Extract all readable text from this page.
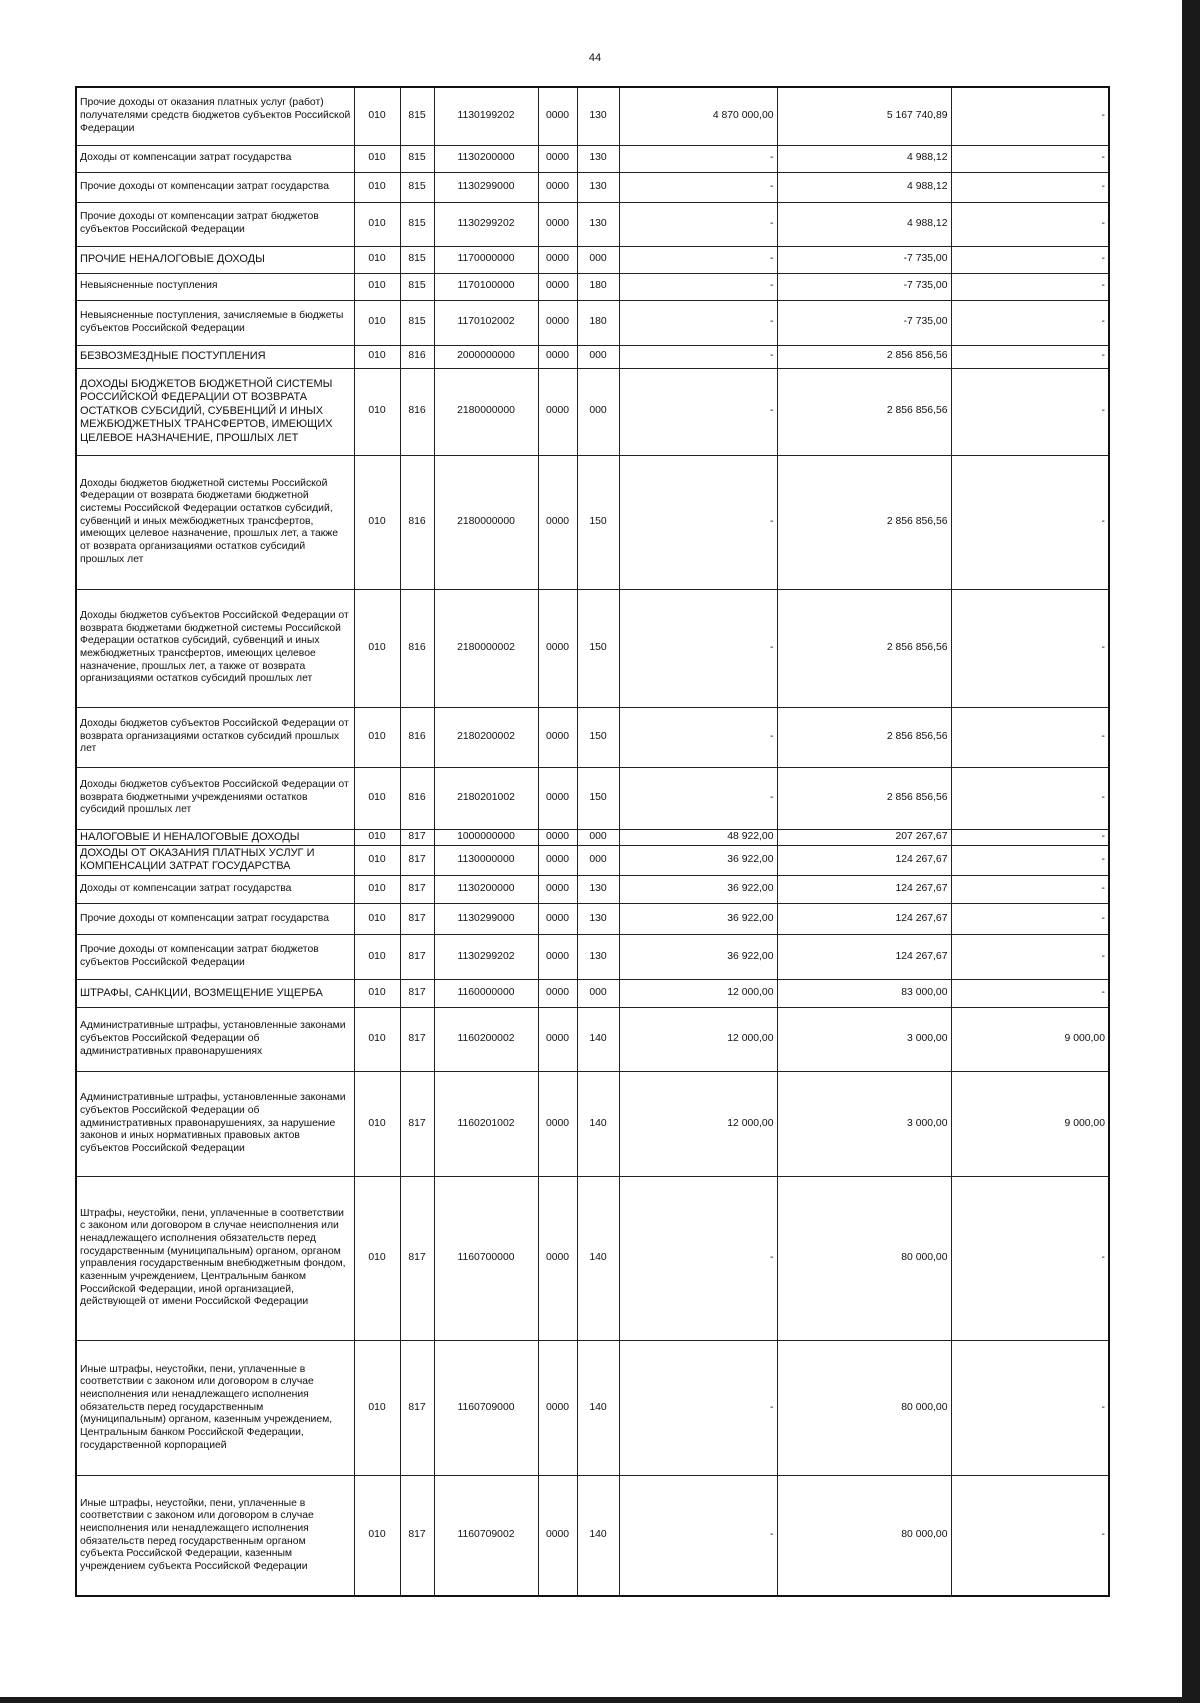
44
Прочие доходы от оказания платных услуг (работ) получателями средств бюджетов субъектов Российской Федерации	010	815	1130199202	0000	130	4 870 000,00	5 167 740,89	-
Доходы от компенсации затрат государства	010	815	1130200000	0000	130	-	4 988,12	-
Прочие доходы от компенсации затрат государства	010	815	1130299000	0000	130	-	4 988,12	-
Прочие доходы от компенсации затрат бюджетов субъектов Российской Федерации	010	815	1130299202	0000	130	-	4 988,12	-
ПРОЧИЕ НЕНАЛОГОВЫЕ ДОХОДЫ	010	815	1170000000	0000	000	-	-7 735,00	-
Невыясненные поступления	010	815	1170100000	0000	180	-	-7 735,00	-
Невыясненные поступления, зачисляемые в бюджеты субъектов Российской Федерации	010	815	1170102002	0000	180	-	-7 735,00	-
БЕЗВОЗМЕЗДНЫЕ ПОСТУПЛЕНИЯ	010	816	2000000000	0000	000	-	2 856 856,56	-
ДОХОДЫ БЮДЖЕТОВ БЮДЖЕТНОЙ СИСТЕМЫ РОССИЙСКОЙ ФЕДЕРАЦИИ ОТ ВОЗВРАТА ОСТАТКОВ СУБСИДИЙ, СУБВЕНЦИЙ И ИНЫХ МЕЖБЮДЖЕТНЫХ ТРАНСФЕРТОВ, ИМЕЮЩИХ ЦЕЛЕВОЕ НАЗНАЧЕНИЕ, ПРОШЛЫХ ЛЕТ	010	816	2180000000	0000	000	-	2 856 856,56	-
Доходы бюджетов бюджетной системы Российской Федерации от возврата бюджетами бюджетной системы Российской Федерации остатков субсидий, субвенций и иных межбюджетных трансфертов, имеющих целевое назначение, прошлых лет, а также от возврата организациями остатков субсидий прошлых лет	010	816	2180000000	0000	150	-	2 856 856,56	-
Доходы бюджетов субъектов Российской Федерации от возврата бюджетами бюджетной системы Российской Федерации остатков субсидий, субвенций и иных межбюджетных трансфертов, имеющих целевое назначение, прошлых лет, а также от возврата организациями остатков субсидий прошлых лет	010	816	2180000002	0000	150	-	2 856 856,56	-
Доходы бюджетов субъектов Российской Федерации от возврата организациями остатков субсидий прошлых лет	010	816	2180200002	0000	150	-	2 856 856,56	-
Доходы бюджетов субъектов Российской Федерации от возврата бюджетными учреждениями остатков субсидий прошлых лет	010	816	2180201002	0000	150	-	2 856 856,56	-
НАЛОГОВЫЕ И НЕНАЛОГОВЫЕ ДОХОДЫ	010	817	1000000000	0000	000	48 922,00	207 267,67	-
ДОХОДЫ ОТ ОКАЗАНИЯ ПЛАТНЫХ УСЛУГ И КОМПЕНСАЦИИ ЗАТРАТ ГОСУДАРСТВА	010	817	1130000000	0000	000	36 922,00	124 267,67	-
Доходы от компенсации затрат государства	010	817	1130200000	0000	130	36 922,00	124 267,67	-
Прочие доходы от компенсации затрат государства	010	817	1130299000	0000	130	36 922,00	124 267,67	-
Прочие доходы от компенсации затрат бюджетов субъектов Российской Федерации	010	817	1130299202	0000	130	36 922,00	124 267,67	-
ШТРАФЫ, САНКЦИИ, ВОЗМЕЩЕНИЕ УЩЕРБА	010	817	1160000000	0000	000	12 000,00	83 000,00	-
Административные штрафы, установленные законами субъектов Российской Федерации об административных правонарушениях	010	817	1160200002	0000	140	12 000,00	3 000,00	9 000,00
Административные штрафы, установленные законами субъектов Российской Федерации об административных правонарушениях, за нарушение законов и иных нормативных правовых актов субъектов Российской Федерации	010	817	1160201002	0000	140	12 000,00	3 000,00	9 000,00
Штрафы, неустойки, пени, уплаченные в соответствии с законом или договором в случае неисполнения или ненадлежащего исполнения обязательств перед государственным (муниципальным) органом, органом управления государственным внебюджетным фондом, казенным учреждением, Центральным банком Российской Федерации, иной организацией, действующей от имени Российской Федерации	010	817	1160700000	0000	140	-	80 000,00	-
Иные штрафы, неустойки, пени, уплаченные в соответствии с законом или договором в случае неисполнения или ненадлежащего исполнения обязательств перед государственным (муниципальным) органом, казенным учреждением, Центральным банком Российской Федерации, государственной корпорацией	010	817	1160709000	0000	140	-	80 000,00	-
Иные штрафы, неустойки, пени, уплаченные в соответствии с законом или договором в случае неисполнения или ненадлежащего исполнения обязательств перед государственным органом субъекта Российской Федерации, казенным учреждением субъекта Российской Федерации	010	817	1160709002	0000	140	-	80 000,00	-
